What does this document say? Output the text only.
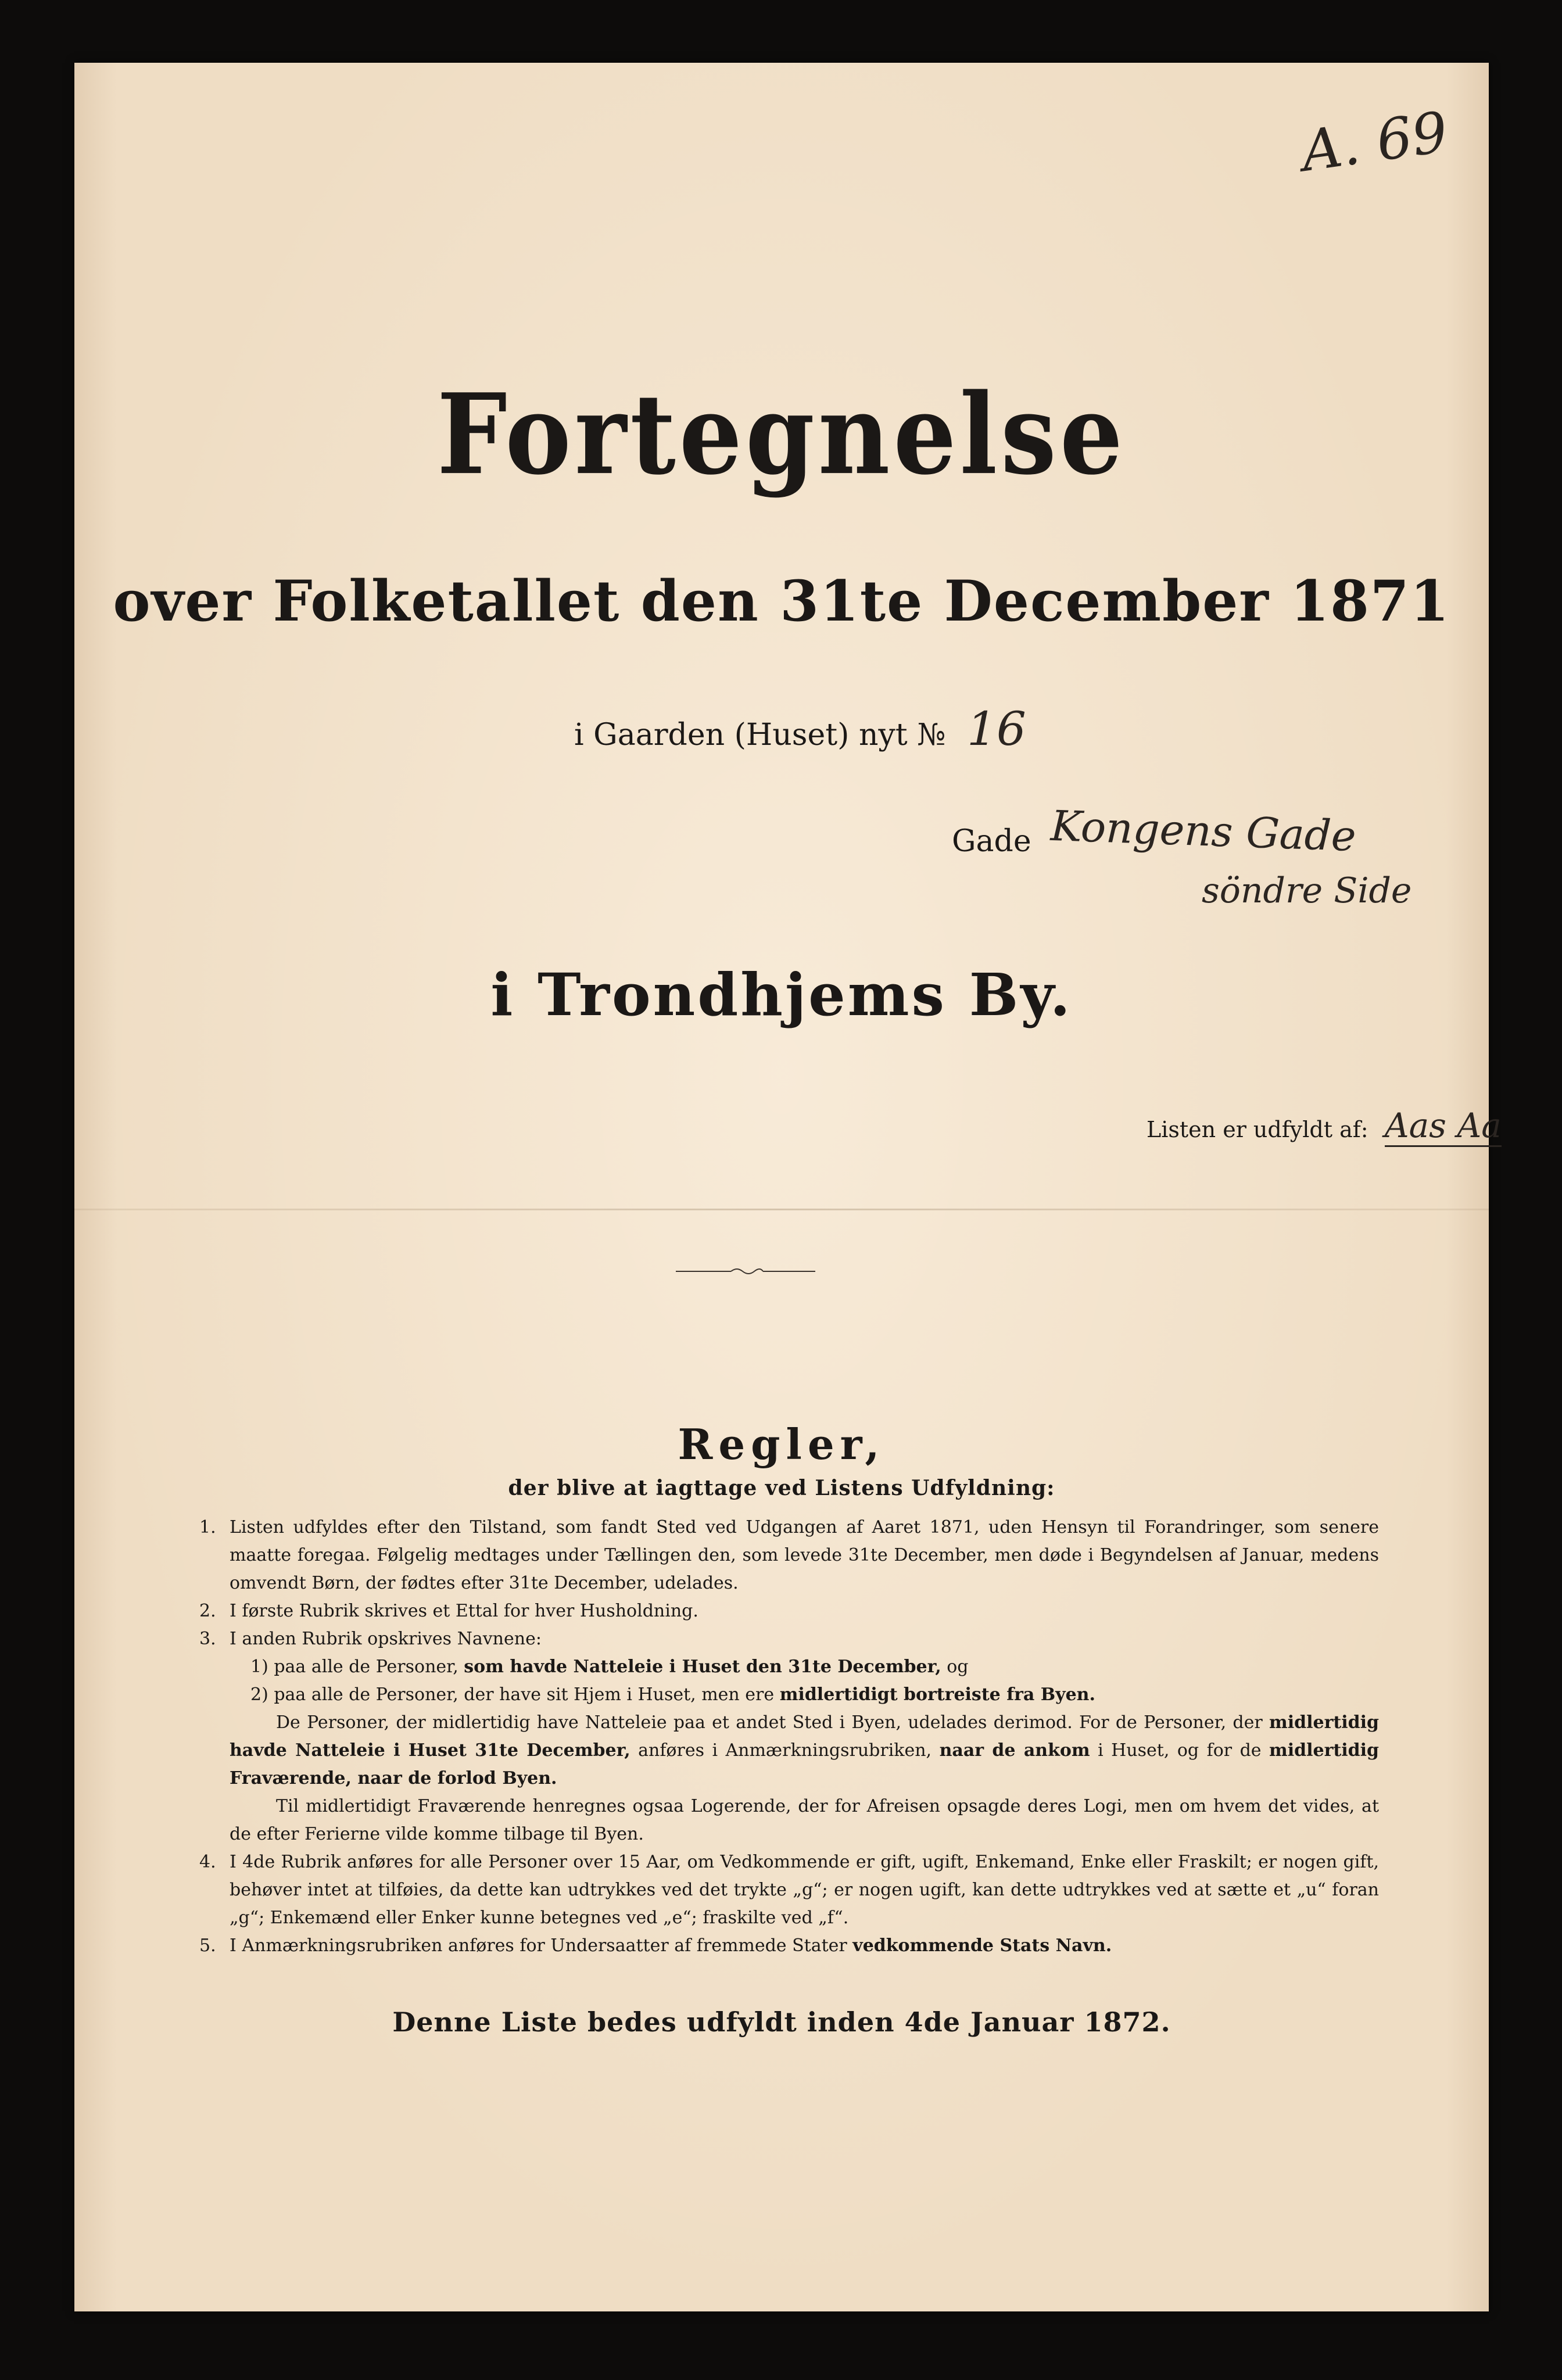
A. 69
Fortegnelse
over Folketallet den 31te December 1871
i Gaarden (Huset) nyt № 16
Gade Kongens Gade
söndre Side
i Trondhjems By.
Listen er udfyldt af: Aas Aa
Regler,
der blive at iagttage ved Listens Udfyldning:
1. Listen udfyldes efter den Tilstand, som fandt Sted ved Udgangen af Aaret 1871, uden Hensyn til Forandringer, som senere maatte foregaa. Følgelig medtages under Tællingen den, som levede 31te December, men døde i Begyndelsen af Januar, medens omvendt Børn, der fødtes efter 31te December, udelades.
2. I første Rubrik skrives et Ettal for hver Husholdning.
3. I anden Rubrik opskrives Navnene:
1) paa alle de Personer, som havde Natteleie i Huset den 31te December, og
2) paa alle de Personer, der have sit Hjem i Huset, men ere midlertidigt bortreiste fra Byen.
De Personer, der midlertidig have Natteleie paa et andet Sted i Byen, udelades derimod. For de Personer, der midlertidig havde Natteleie i Huset 31te December, anføres i Anmærkningsrubriken, naar de ankom i Huset, og for de midlertidig Fraværende, naar de forlod Byen.
Til midlertidigt Fraværende henregnes ogsaa Logerende, der for Afreisen opsagde deres Logi, men om hvem det vides, at de efter Ferierne vilde komme tilbage til Byen.
4. I 4de Rubrik anføres for alle Personer over 15 Aar, om Vedkommende er gift, ugift, Enkemand, Enke eller Fraskilt; er nogen gift, behøver intet at tilføies, da dette kan udtrykkes ved det trykte „g“; er nogen ugift, kan dette udtrykkes ved at sætte et „u“ foran „g“; Enkemænd eller Enker kunne betegnes ved „e“; fraskilte ved „f“.
5. I Anmærkningsrubriken anføres for Undersaatter af fremmede Stater vedkommende Stats Navn.
Denne Liste bedes udfyldt inden 4de Januar 1872.
